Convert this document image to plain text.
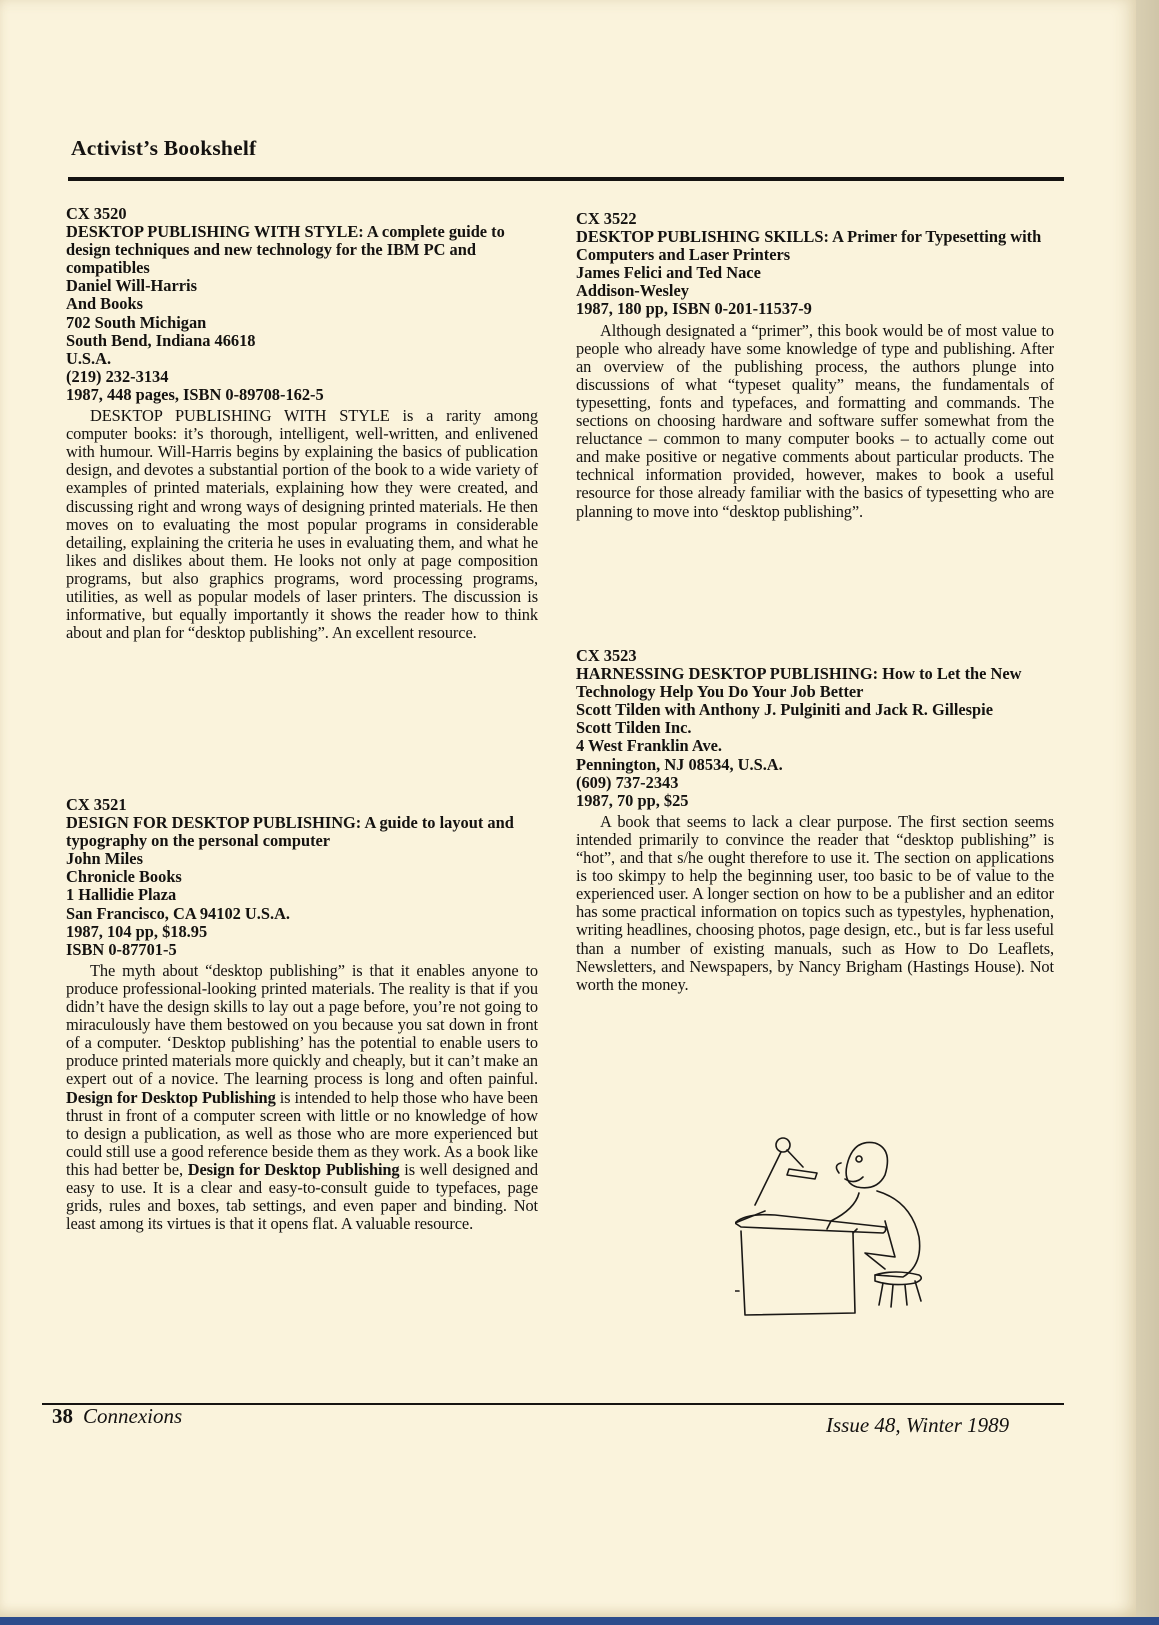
Activist’s Bookshelf
CX 3520
DESKTOP PUBLISHING WITH STYLE: A complete guide to design techniques and new technology for the IBM PC and compatibles
Daniel Will-Harris
And Books
702 South Michigan
South Bend, Indiana 46618
U.S.A.
(219) 232-3134
1987, 448 pages, ISBN 0-89708-162-5

DESKTOP PUBLISHING WITH STYLE is a rarity among computer books: it’s thorough, intelligent, well-written, and enlivened with humour. Will-Harris begins by explaining the basics of publication design, and devotes a substantial portion of the book to a wide variety of examples of printed materials, explaining how they were created, and discussing right and wrong ways of designing printed materials. He then moves on to evaluating the most popular programs in considerable detailing, explaining the criteria he uses in evaluating them, and what he likes and dislikes about them. He looks not only at page composition programs, but also graphics programs, word processing programs, utilities, as well as popular models of laser printers. The discussion is informative, but equally importantly it shows the reader how to think about and plan for “desktop publishing”. An excellent resource.

CX 3521
DESIGN FOR DESKTOP PUBLISHING: A guide to layout and typography on the personal computer
John Miles
Chronicle Books
1 Hallidie Plaza
San Francisco, CA 94102 U.S.A.
1987, 104 pp, $18.95
ISBN 0-87701-5

The myth about “desktop publishing” is that it enables anyone to produce professional-looking printed materials. The reality is that if you didn’t have the design skills to lay out a page before, you’re not going to miraculously have them bestowed on you because you sat down in front of a computer. ‘Desktop publishing’ has the potential to enable users to produce printed materials more quickly and cheaply, but it can’t make an expert out of a novice. The learning process is long and often painful. Design for Desktop Publishing is intended to help those who have been thrust in front of a computer screen with little or no knowledge of how to design a publication, as well as those who are more experienced but could still use a good reference beside them as they work. As a book like this had better be, Design for Desktop Publishing is well designed and easy to use. It is a clear and easy-to-consult guide to typefaces, page grids, rules and boxes, tab settings, and even paper and binding. Not least among its virtues is that it opens flat. A valuable resource.

CX 3522
DESKTOP PUBLISHING SKILLS: A Primer for Typesetting with Computers and Laser Printers
James Felici and Ted Nace
Addison-Wesley
1987, 180 pp, ISBN 0-201-11537-9

Although designated a “primer”, this book would be of most value to people who already have some knowledge of type and publishing. After an overview of the publishing process, the authors plunge into discussions of what “typeset quality” means, the fundamentals of typesetting, fonts and typefaces, and formatting and commands. The sections on choosing hardware and software suffer somewhat from the reluctance – common to many computer books – to actually come out and make positive or negative comments about particular products. The technical information provided, however, makes to book a useful resource for those already familiar with the basics of typesetting who are planning to move into “desktop publishing”.

CX 3523
HARNESSING DESKTOP PUBLISHING: How to Let the New Technology Help You Do Your Job Better
Scott Tilden with Anthony J. Pulginiti and Jack R. Gillespie
Scott Tilden Inc.
4 West Franklin Ave.
Pennington, NJ 08534, U.S.A.
(609) 737-2343
1987, 70 pp, $25

A book that seems to lack a clear purpose. The first section seems intended primarily to convince the reader that “desktop publishing” is “hot”, and that s/he ought therefore to use it. The section on applications is too skimpy to help the beginning user, too basic to be of value to the experienced user. A longer section on how to be a publisher and an editor has some practical information on topics such as typestyles, hyphenation, writing headlines, choosing photos, page design, etc., but is far less useful than a number of existing manuals, such as How to Do Leaflets, Newsletters, and Newspapers, by Nancy Brigham (Hastings House). Not worth the money.

38 Connexions	Issue 48, Winter 1989
